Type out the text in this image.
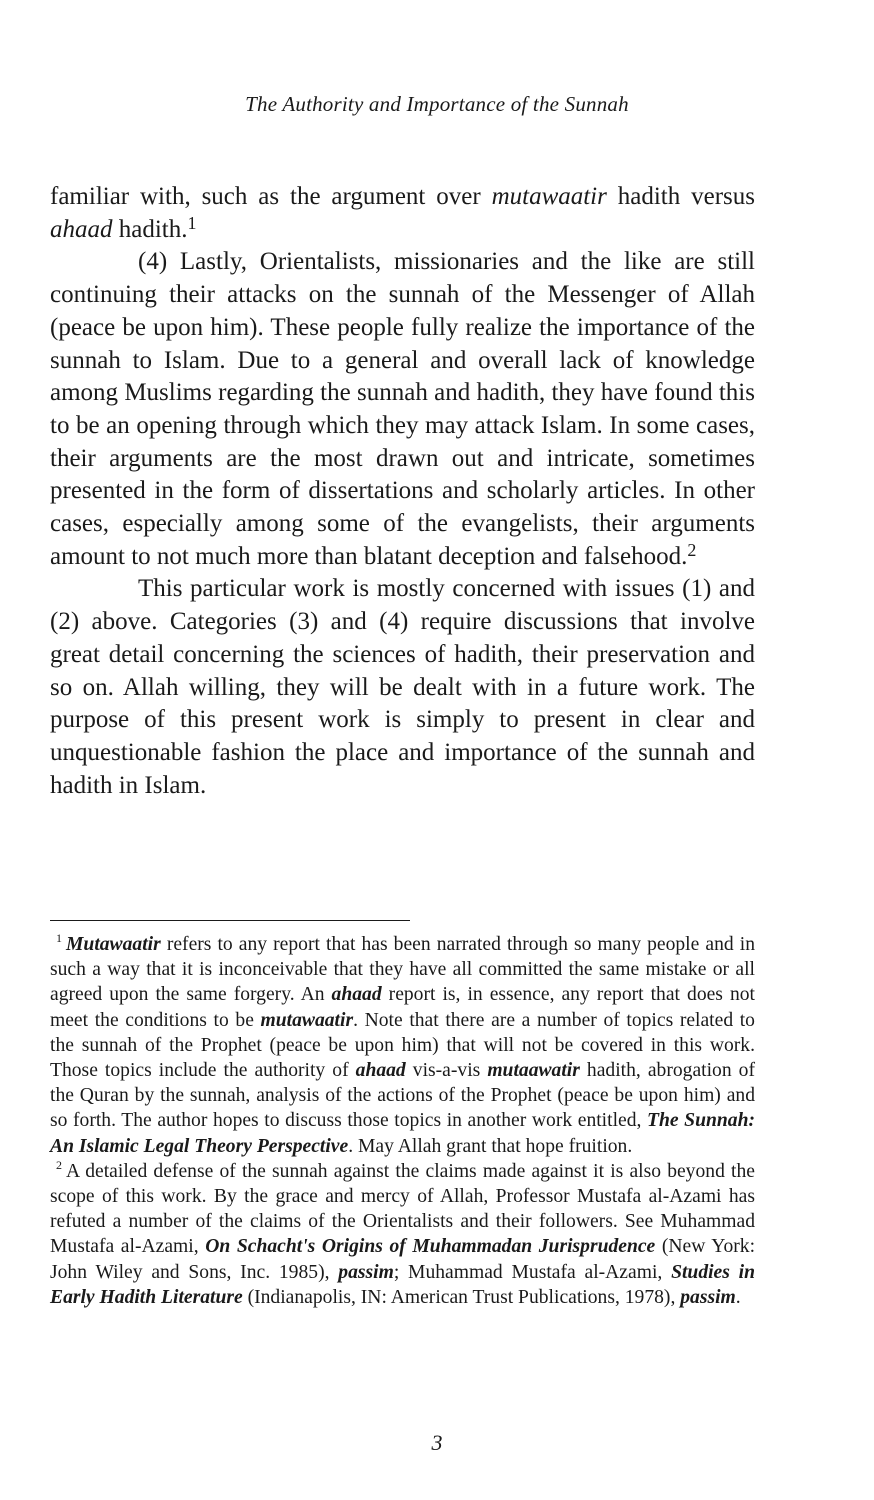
The Authority and Importance of the Sunnah

familiar with, such as the argument over mutawaatir hadith versus ahaad hadith.$^1$

(4) Lastly, Orientalists, missionaries and the like are still continuing their attacks on the sunnah of the Messenger of Allah (peace be upon him). These people fully realize the importance of the sunnah to Islam. Due to a general and overall lack of knowledge among Muslims regarding the sunnah and hadith, they have found this to be an opening through which they may attack Islam. In some cases, their arguments are the most drawn out and intricate, sometimes presented in the form of dissertations and scholarly articles. In other cases, especially among some of the evangelists, their arguments amount to not much more than blatant deception and falsehood.$^2$

This particular work is mostly concerned with issues (1) and (2) above. Categories (3) and (4) require discussions that involve great detail concerning the sciences of hadith, their preservation and so on. Allah willing, they will be dealt with in a future work. The purpose of this present work is simply to present in clear and unquestionable fashion the place and importance of the sunnah and hadith in Islam.

$^1$ Mutawaatir refers to any report that has been narrated through so many people and in such a way that it is inconceivable that they have all committed the same mistake or all agreed upon the same forgery. An ahaad report is, in essence, any report that does not meet the conditions to be mutawaatir. Note that there are a number of topics related to the sunnah of the Prophet (peace be upon him) that will not be covered in this work. Those topics include the authority of ahaad vis-a-vis mutaawatir hadith, abrogation of the Quran by the sunnah, analysis of the actions of the Prophet (peace be upon him) and so forth. The author hopes to discuss those topics in another work entitled, The Sunnah: An Islamic Legal Theory Perspective. May Allah grant that hope fruition.

$^2$ A detailed defense of the sunnah against the claims made against it is also beyond the scope of this work. By the grace and mercy of Allah, Professor Mustafa al-Azami has refuted a number of the claims of the Orientalists and their followers. See Muhammad Mustafa al-Azami, On Schacht's Origins of Muhammadan Jurisprudence (New York: John Wiley and Sons, Inc. 1985), passim; Muhammad Mustafa al-Azami, Studies in Early Hadith Literature (Indianapolis, IN: American Trust Publications, 1978), passim.

3
